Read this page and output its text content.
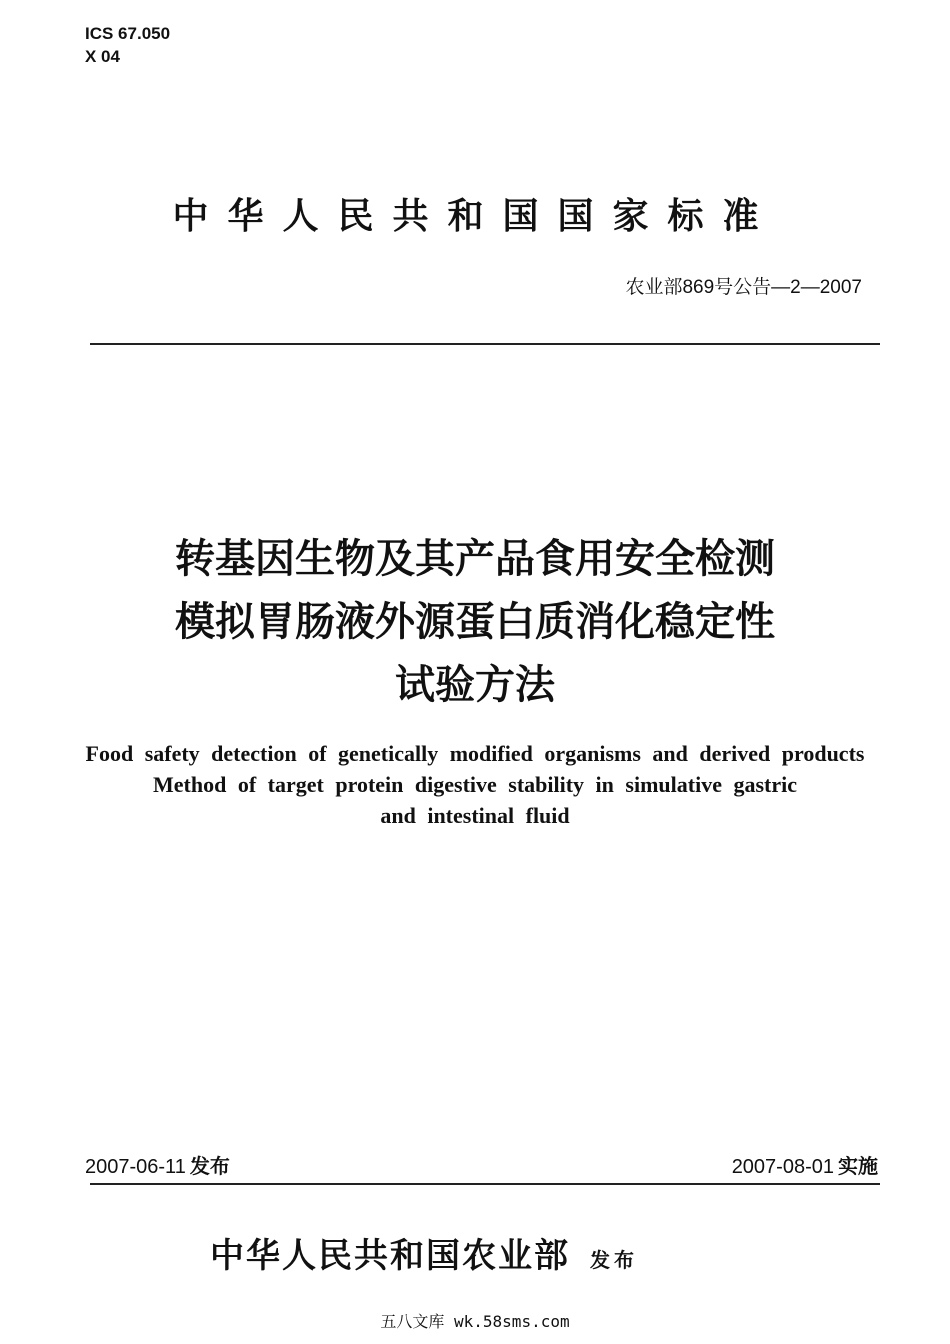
ICS 67.050
X 04
中华人民共和国国家标准
农业部869号公告—2—2007
转基因生物及其产品食用安全检测
模拟胃肠液外源蛋白质消化稳定性
试验方法
Food safety detection of genetically modified organisms and derived products
Method of target protein digestive stability in simulative gastric
and intestinal fluid
2007-06-11 发布	2007-08-01 实施
中华人民共和国农业部 发布
五八文库 wk.58sms.com
